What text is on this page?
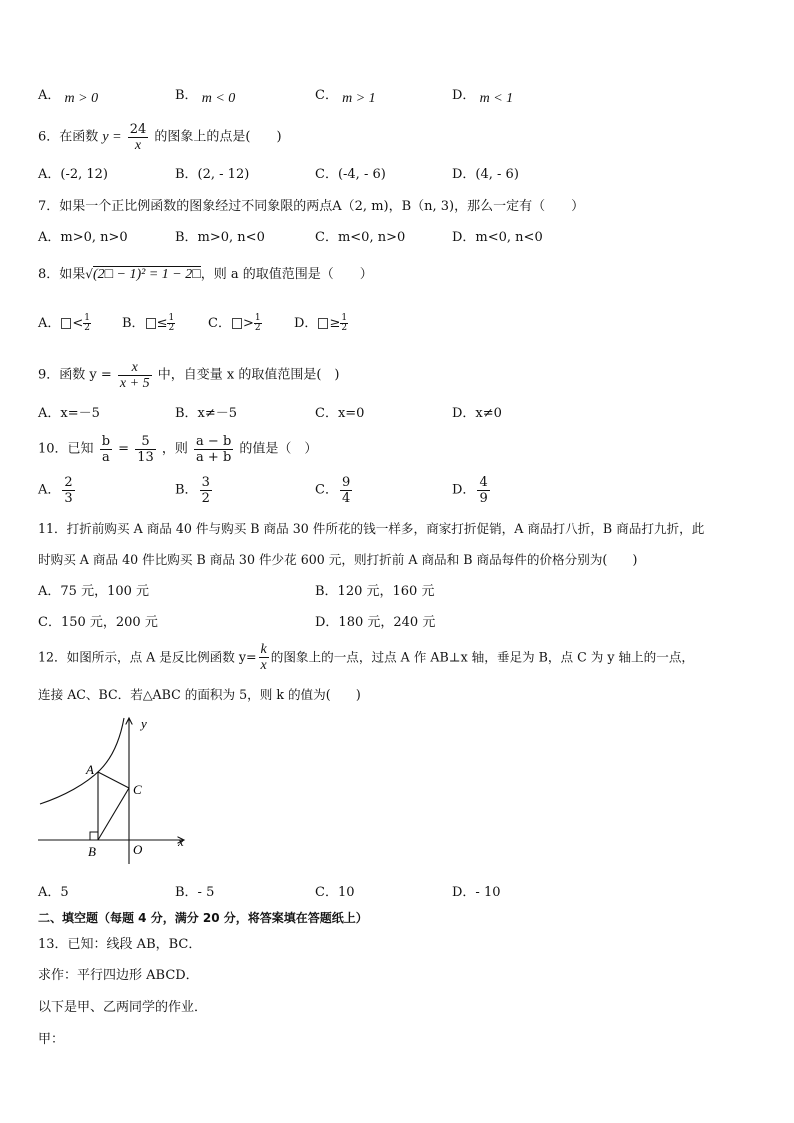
A． m > 0	B． m < 0	C． m > 1	D． m < 1
6．在函数 $y = \frac{24}{x}$ 的图象上的点是(　　)
A．(-2, 12)	B．(2, - 12)	C．(-4, - 6)	D．(4, - 6)
7．如果一个正比例函数的图象经过不同象限的两点A（2, m)，B（n, 3)，那么一定有（　　）
A．m>0, n>0	B．m>0, n<0	C．m<0, n>0	D．m<0, n<0
8．如果√(2□ − 1)² = 1 − 2□，则 a 的取值范围是（　　）
A． < $\frac{1}{2}$ B． ≤ $\frac{1}{2}$	C． > $\frac{1}{2}$ D． ≥ $\frac{1}{2}$
9．函数 $y = \frac{x}{x + 5}$ 中，自变量 x 的取值范围是(　)
A．x=－5	B．x≠－5	C．x=0	D．x≠0
10．已知 $\frac{b}{a} = \frac{5}{13}$ ，则 $\frac{a - b}{a + b}$ 的值是（　）
A． $\frac{2}{3}$	B． $\frac{3}{2}$	C． $\frac{9}{4}$	D． $\frac{4}{9}$
11．打折前购买 A 商品 40 件与购买 B 商品 30 件所花的钱一样多，商家打折促销，A 商品打八折，B 商品打九折，此
时购买 A 商品 40 件比购买 B 商品 30 件少花 600 元，则打折前 A 商品和 B 商品每件的价格分别为(　　)
A．75 元，100 元	B．120 元，160 元
C．150 元，200 元	D．180 元，240 元
12．如图所示，点 A 是反比例函数 $y= \frac{k}{x}$ 的图象上的一点，过点 A 作 AB⊥x 轴，垂足为 B，点 C 为 y 轴上的一点，
连接 AC、BC．若△ABC 的面积为 5，则 k 的值为(　　)
y
x
A
B
C
O
A．5	B．- 5	C．10	D．- 10
二、填空题（每题 4 分，满分 20 分，将答案填在答题纸上）
13．已知：线段 AB，BC．
求作：平行四边形 ABCD．
以下是甲、乙两同学的作业．
甲：
